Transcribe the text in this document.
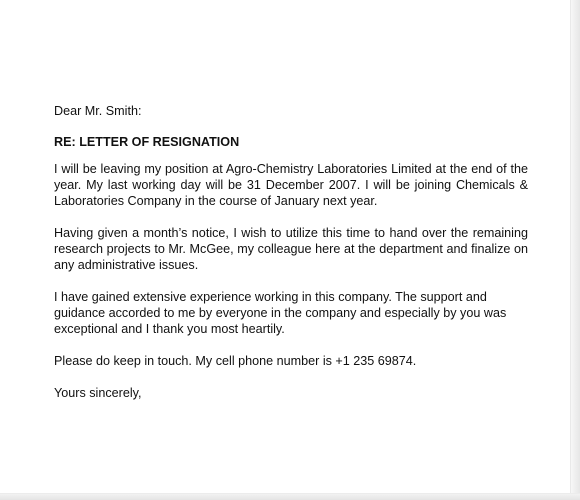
Dear Mr. Smith:

RE: LETTER OF RESIGNATION

I will be leaving my position at Agro-Chemistry Laboratories Limited at the end of the year. My last working day will be 31 December 2007. I will be joining Chemicals & Laboratories Company in the course of January next year.

Having given a month’s notice, I wish to utilize this time to hand over the remaining research projects to Mr. McGee, my colleague here at the department and finalize on any administrative issues.

I have gained extensive experience working in this company. The support and guidance accorded to me by everyone in the company and especially by you was exceptional and I thank you most heartily.

Please do keep in touch. My cell phone number is +1 235 69874.

Yours sincerely,
